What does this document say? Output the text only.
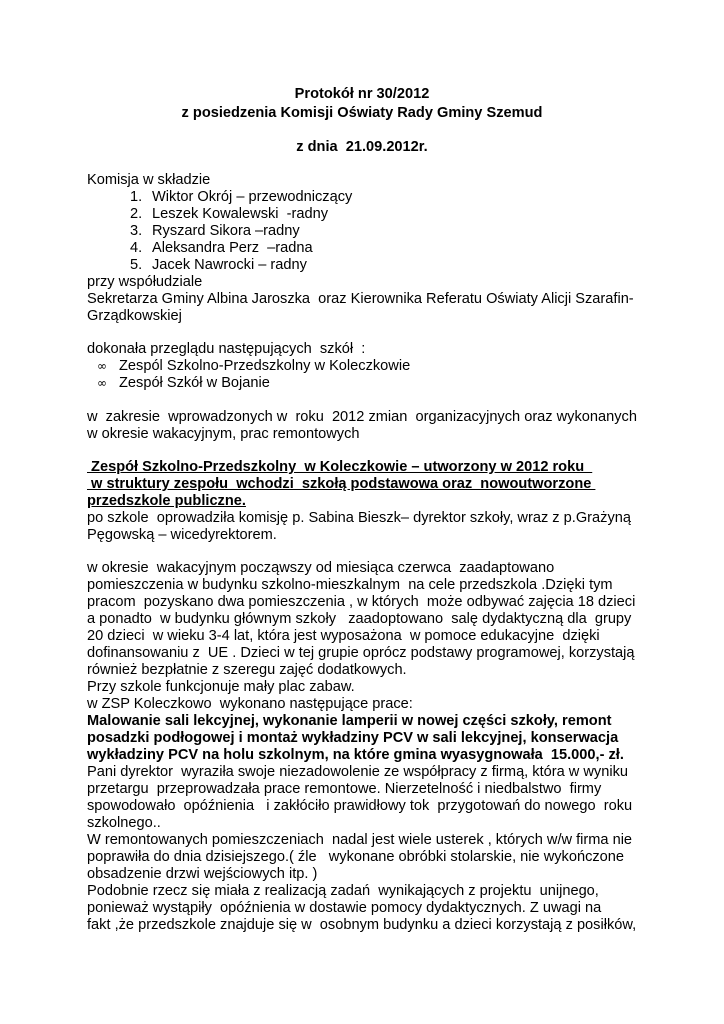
Protokół nr 30/2012
z posiedzenia Komisji Oświaty Rady Gminy Szemud
z dnia  21.09.2012r.
Komisja w składzie
1. Wiktor Okrój – przewodniczący
2. Leszek Kowalewski  -radny
3. Ryszard Sikora –radny
4. Aleksandra Perz  –radna
5. Jacek Nawrocki – radny
przy współudziale
Sekretarza Gminy Albina Jaroszka  oraz Kierownika Referatu Oświaty Alicji Szarafin-
Grządkowskiej
dokonała przeglądu następujących  szkół  :
∞ Zespól Szkolno-Przedszkolny w Koleczkowie
∞ Zespół Szkół w Bojanie
w  zakresie  wprowadzonych w  roku  2012 zmian  organizacyjnych oraz wykonanych
w okresie wakacyjnym, prac remontowych
Zespół Szkolno-Przedszkolny  w Koleczkowie – utworzony w 2012 roku
w struktury zespołu  wchodzi  szkołą podstawowa oraz  nowoutworzone
przedszkole publiczne.
po szkole  oprowadziła komisję p. Sabina Bieszk– dyrektor szkoły, wraz z p.Grażyną
Pęgowską – wicedyrektorem.
w okresie  wakacyjnym począwszy od miesiąca czerwca  zaadaptowano
pomieszczenia w budynku szkolno-mieszkalnym  na cele przedszkola .Dzięki tym
pracom  pozyskano dwa pomieszczenia , w których  może odbywać zajęcia 18 dzieci
a ponadto  w budynku głównym szkoły   zaadoptowano  salę dydaktyczną dla  grupy
20 dzieci  w wieku 3-4 lat, która jest wyposażona  w pomoce edukacyjne  dzięki
dofinansowaniu z  UE . Dzieci w tej grupie oprócz podstawy programowej, korzystają
również bezpłatnie z szeregu zajęć dodatkowych.
Przy szkole funkcjonuje mały plac zabaw.
w ZSP Koleczkowo  wykonano następujące prace:
Malowanie sali lekcyjnej, wykonanie lamperii w nowej części szkoły, remont
posadzki podłogowej i montaż wykładziny PCV w sali lekcyjnej, konserwacja
wykładziny PCV na holu szkolnym, na które gmina wyasygnowała  15.000,- zł.
Pani dyrektor  wyraziła swoje niezadowolenie ze współpracy z firmą, która w wyniku
przetargu  przeprowadzała prace remontowe. Nierzetelność i niedbalstwo  firmy
spowodowało  opóźnienia   i zakłóciło prawidłowy tok  przygotowań do nowego  roku
szkolnego..
W remontowanych pomieszczeniach  nadal jest wiele usterek , których w/w firma nie
poprawiła do dnia dzisiejszego.( źle   wykonane obróbki stolarskie, nie wykończone
obsadzenie drzwi wejściowych itp. )
Podobnie rzecz się miała z realizacją zadań  wynikających z projektu  unijnego,
ponieważ wystąpiły  opóźnienia w dostawie pomocy dydaktycznych. Z uwagi na
fakt ,że przedszkole znajduje się w  osobnym budynku a dzieci korzystają z posiłków,
